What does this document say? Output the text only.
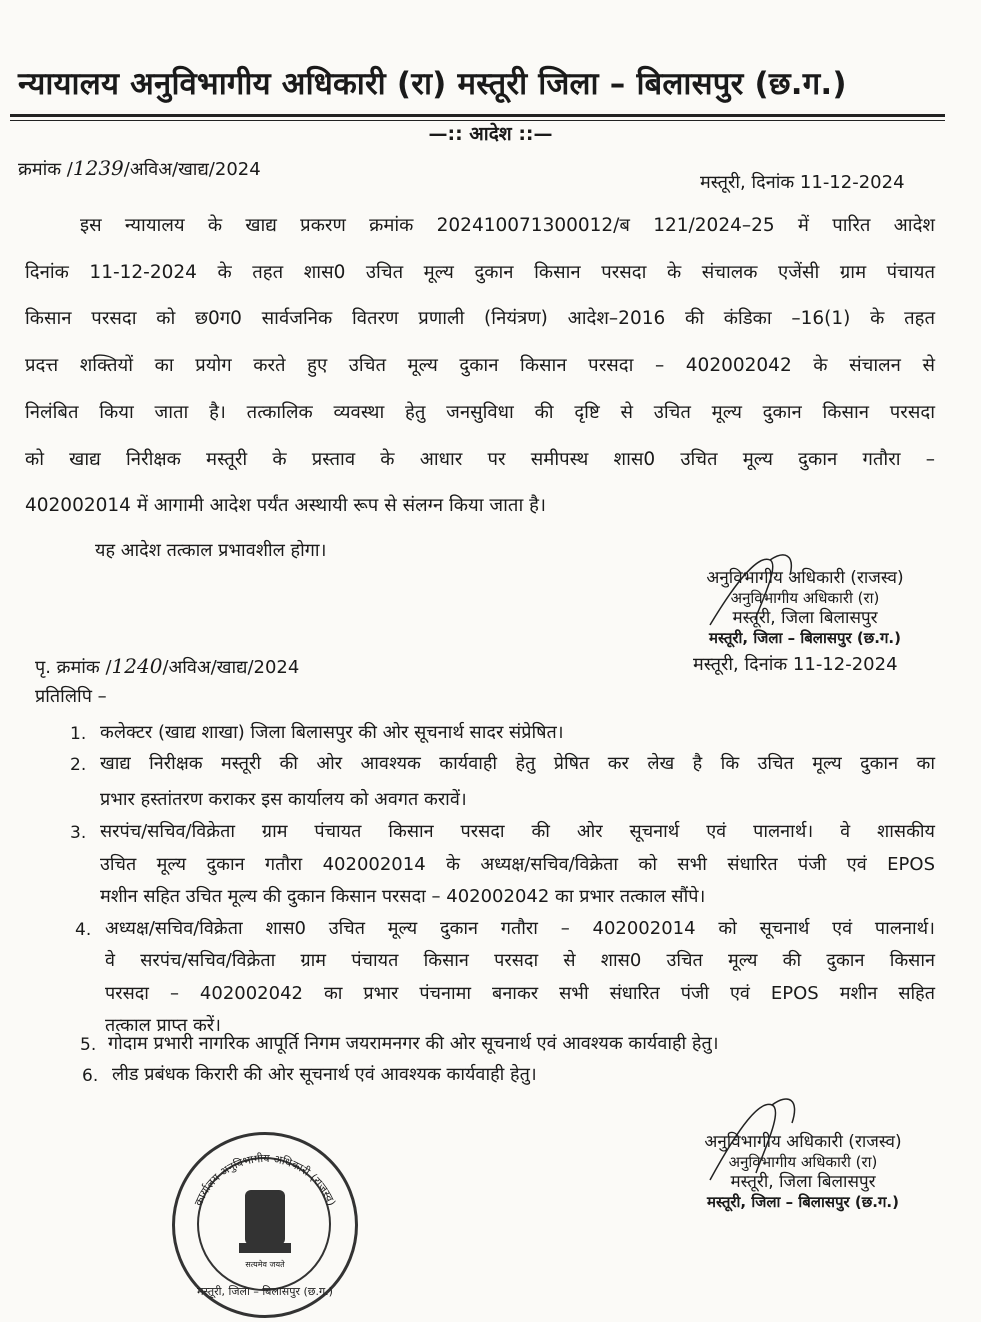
न्यायालय अनुविभागीय अधिकारी (रा) मस्तूरी जिला – बिलासपुर (छ.ग.)
—:: आदेश ::—
क्रमांक /1239/अविअ/खाद्य/2024
मस्तूरी, दिनांक 11-12-2024
इस न्यायालय के खाद्य प्रकरण क्रमांक 202410071300012/ब 121/2024–25 में पारित आदेश
दिनांक 11-12-2024 के तहत शास0 उचित मूल्य दुकान किसान परसदा के संचालक एजेंसी ग्राम पंचायत
किसान परसदा को छ0ग0 सार्वजनिक वितरण प्रणाली (नियंत्रण) आदेश–2016 की कंडिका –16(1) के तहत
प्रदत्त शक्तियों का प्रयोग करते हुए उचित मूल्य दुकान किसान परसदा – 402002042 के संचालन से
निलंबित किया जाता है। तत्कालिक व्यवस्था हेतु जनसुविधा की दृष्टि से उचित मूल्य दुकान किसान परसदा
को खाद्य निरीक्षक मस्तूरी के प्रस्ताव के आधार पर समीपस्थ शास0 उचित मूल्य दुकान गतौरा –
402002014 में आगामी आदेश पर्यंत अस्थायी रूप से संलग्न किया जाता है।
यह आदेश तत्काल प्रभावशील होगा।
अनुविभागीय अधिकारी (राजस्व)
अनुविभागीय अधिकारी (रा)
मस्तूरी, जिला बिलासपुर
मस्तूरी, जिला – बिलासपुर (छ.ग.)
पृ. क्रमांक /1240/अविअ/खाद्य/2024	मस्तूरी, दिनांक 11-12-2024
प्रतिलिपि –
1. कलेक्टर (खाद्य शाखा) जिला बिलासपुर की ओर सूचनार्थ सादर संप्रेषित।
2. खाद्य निरीक्षक मस्तूरी की ओर आवश्यक कार्यवाही हेतु प्रेषित कर लेख है कि उचित मूल्य दुकान का
प्रभार हस्तांतरण कराकर इस कार्यालय को अवगत करावें।
3. सरपंच/सचिव/विक्रेता ग्राम पंचायत किसान परसदा की ओर सूचनार्थ एवं पालनार्थ। वे शासकीय
उचित मूल्य दुकान गतौरा 402002014 के अध्यक्ष/सचिव/विक्रेता को सभी संधारित पंजी एवं EPOS
मशीन सहित उचित मूल्य की दुकान किसान परसदा – 402002042 का प्रभार तत्काल सौंपे।
4. अध्यक्ष/सचिव/विक्रेता शास0 उचित मूल्य दुकान गतौरा – 402002014 को सूचनार्थ एवं पालनार्थ।
वे सरपंच/सचिव/विक्रेता ग्राम पंचायत किसान परसदा से शास0 उचित मूल्य की दुकान किसान
परसदा – 402002042 का प्रभार पंचनामा बनाकर सभी संधारित पंजी एवं EPOS मशीन सहित
तत्काल प्राप्त करें।
5. गोदाम प्रभारी नागरिक आपूर्ति निगम जयरामनगर की ओर सूचनार्थ एवं आवश्यक कार्यवाही हेतु।
6. लीड प्रबंधक किरारी की ओर सूचनार्थ एवं आवश्यक कार्यवाही हेतु।
कार्यालय अनुविभागीय अधिकारी (राजस्व)
मस्तूरी, जिला – बिलासपुर (छ.ग.)
सत्यमेव जयते
अनुविभागीय अधिकारी (राजस्व)
अनुविभागीय अधिकारी (रा)
मस्तूरी, जिला बिलासपुर
मस्तूरी, जिला – बिलासपुर (छ.ग.)
